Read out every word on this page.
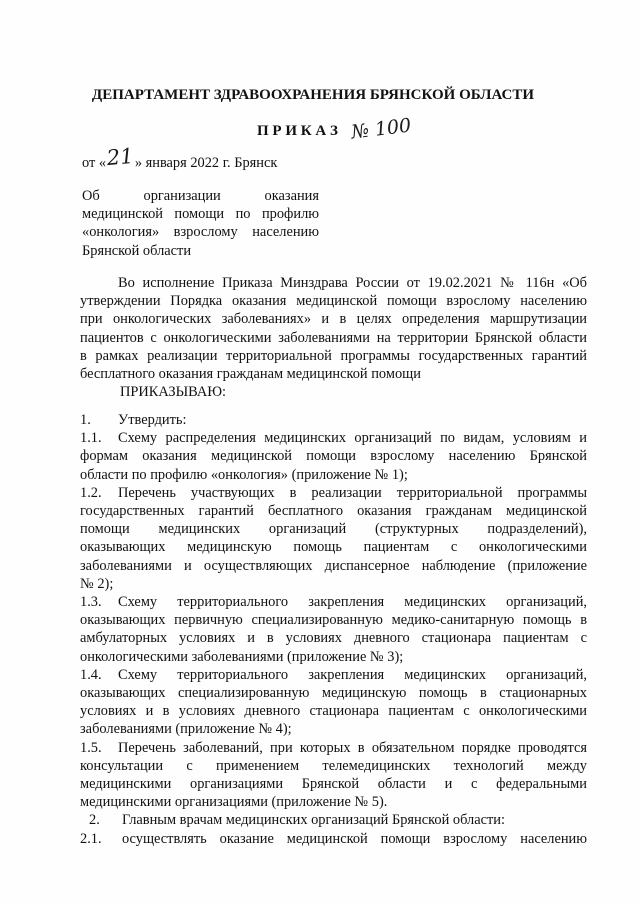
ДЕПАРТАМЕНТ ЗДРАВООХРАНЕНИЯ БРЯНСКОЙ ОБЛАСТИ
П Р И К А З № 100
от «21» января 2022 г. Брянск
Об организации оказания
медицинской помощи по профилю
«онкология» взрослому населению
Брянской области
Во исполнение Приказа Минздрава России от 19.02.2021 № 116н «Об
утверждении Порядка оказания медицинской помощи взрослому населению
при онкологических заболеваниях» и в целях определения маршрутизации
пациентов с онкологическими заболеваниями на территории Брянской области
в рамках реализации территориальной программы государственных гарантий
бесплатного оказания гражданам медицинской помощи
ПРИКАЗЫВАЮ:
1.	Утвердить:
1.1.	Схему распределения медицинских организаций по видам, условиям и
формам оказания медицинской помощи взрослому населению Брянской
области по профилю «онкология» (приложение № 1);
1.2.	Перечень участвующих в реализации территориальной программы
государственных гарантий бесплатного оказания гражданам медицинской
помощи медицинских организаций (структурных подразделений),
оказывающих медицинскую помощь пациентам с онкологическими
заболеваниями и осуществляющих диспансерное наблюдение (приложение
№ 2);
1.3.	Схему территориального закрепления медицинских организаций,
оказывающих первичную специализированную медико-санитарную помощь в
амбулаторных условиях и в условиях дневного стационара пациентам с
онкологическими заболеваниями (приложение № 3);
1.4.	Схему территориального закрепления медицинских организаций,
оказывающих специализированную медицинскую помощь в стационарных
условиях и в условиях дневного стационара пациентам с онкологическими
заболеваниями (приложение № 4);
1.5.	Перечень заболеваний, при которых в обязательном порядке проводятся
консультации с применением телемедицинских технологий между
медицинскими организациями Брянской области и с федеральными
медицинскими организациями (приложение № 5).
2.	Главным врачам медицинских организаций Брянской области:
2.1.	осуществлять оказание медицинской помощи взрослому населению
